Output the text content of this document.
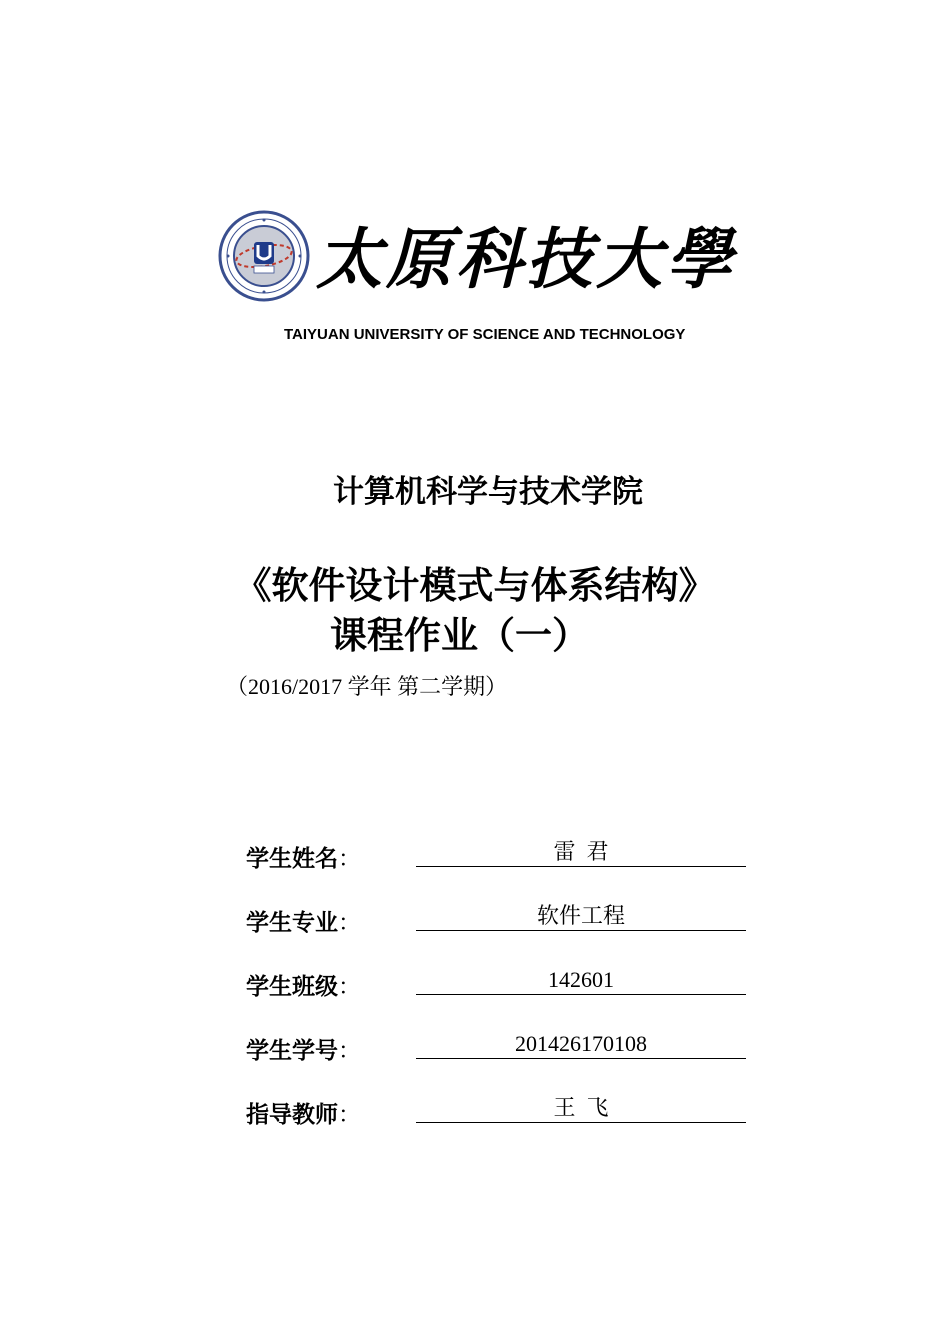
太原科技大學
TAIYUAN UNIVERSITY OF SCIENCE AND TECHNOLOGY
计算机科学与技术学院
《软件设计模式与体系结构》
课程作业（一）
（2016/2017 学年 第二学期）
学生姓名：	雷  君
学生专业：	软件工程
学生班级：	142601
学生学号：	201426170108
指导教师：	王  飞
